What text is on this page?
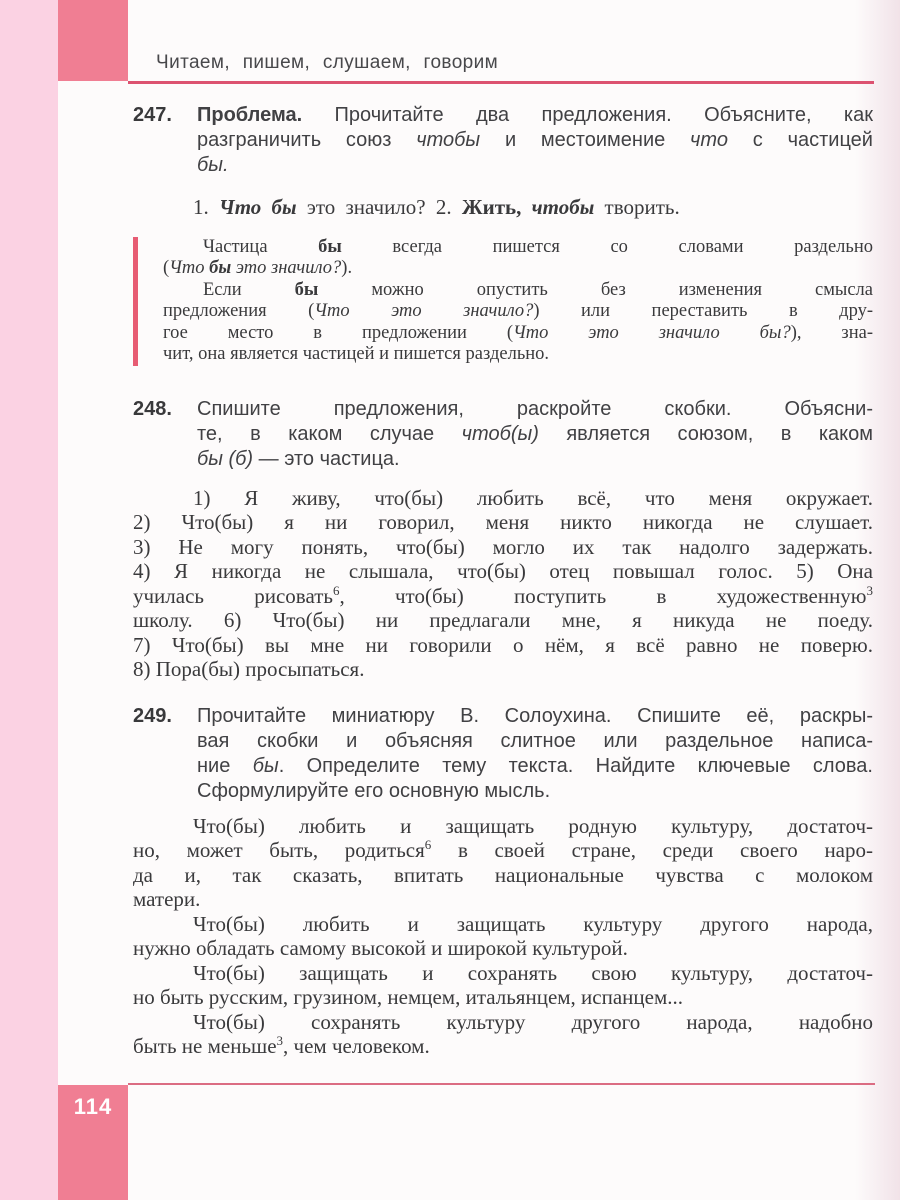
Читаем, пишем, слушаем, говорим
247.	Проблема. Прочитайте два предложения. Объясните, как
разграничить союз чтобы и местоимение что с частицей
бы.
1. Что бы это значило? 2. Жить, чтобы творить.
Частица бы всегда пишется со словами раздельно
(Что бы это значило?).
Если бы можно опустить без изменения смысла
предложения (Что это значило?) или переставить в дру-
гое место в предложении (Что это значило бы?), зна-
чит, она является частицей и пишется раздельно.
248.	Спишите предложения, раскройте скобки. Объясни-
те, в каком случае чтоб(ы) является союзом, в каком
бы (б) — это частица.
1) Я живу, что(бы) любить всё, что меня окружает.
2) Что(бы) я ни говорил, меня никто никогда не слушает.
3) Не могу понять, что(бы) могло их так надолго задержать.
4) Я никогда не слышала, что(бы) отец повышал голос. 5) Она
училась рисовать$^6$, что(бы) поступить в художественную$^3$
школу. 6) Что(бы) ни предлагали мне, я никуда не поеду.
7) Что(бы) вы мне ни говорили о нём, я всё равно не поверю.
8) Пора(бы) просыпаться.
249.	Прочитайте миниатюру В. Солоухина. Спишите её, раскры-
вая скобки и объясняя слитное или раздельное написа-
ние бы. Определите тему текста. Найдите ключевые слова.
Сформулируйте его основную мысль.
Что(бы) любить и защищать родную культуру, достаточ-
но, может быть, родиться$^6$ в своей стране, среди своего наро-
да и, так сказать, впитать национальные чувства с молоком
матери.
Что(бы) любить и защищать культуру другого народа,
нужно обладать самому высокой и широкой культурой.
Что(бы) защищать и сохранять свою культуру, достаточ-
но быть русским, грузином, немцем, итальянцем, испанцем...
Что(бы) сохранять культуру другого народа, надобно
быть не меньше$^3$, чем человеком.
114
